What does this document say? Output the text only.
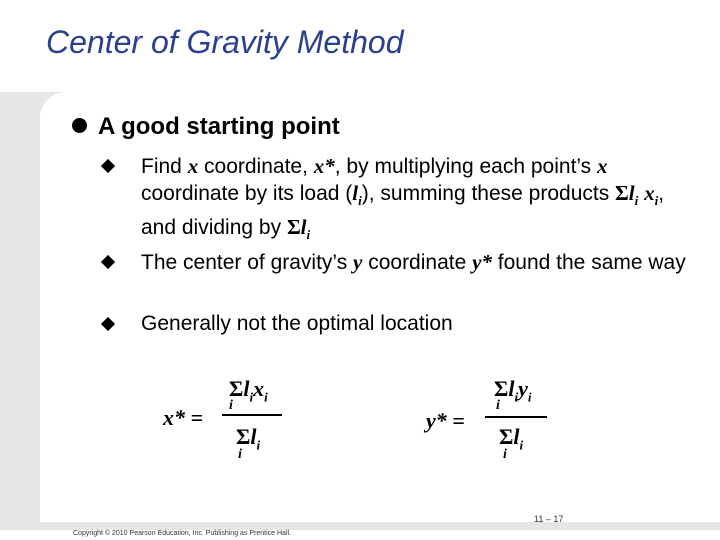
Center of Gravity Method
A good starting point
Find x coordinate, x*, by multiplying each point’s x coordinate by its load $(l_i)$, summing these products $\Sigma l_i$ $x_i$, and dividing by $\Sigma l_i$
The center of gravity’s y coordinate y* found the same way
Generally not the optimal location
x* =
$\Sigma l_ix_i$
i
$\Sigma l_i$
i
y* =
$\Sigma l_iy_i$
i
$\Sigma l_i$
i
11 – 17
Copyright © 2010 Pearson Education, Inc. Publishing as Prentice Hall.
